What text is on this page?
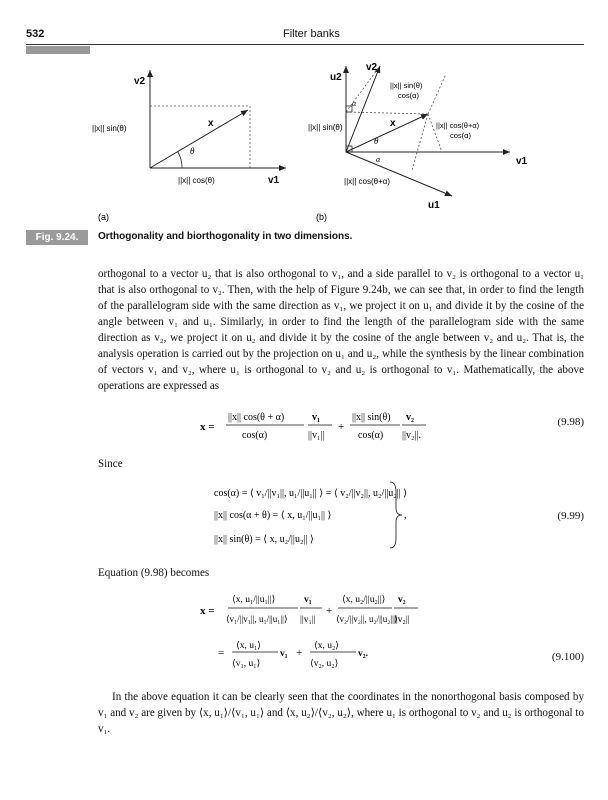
532	Filter banks
v2
v1
x
θ
||x|| sin(θ)
||x|| cos(θ)
(a)
α
α
θ
x
u2
v2
v1
u1
||x|| sin(θ)
||x|| cos(θ+α)
||x|| sin(θ)
cos(α)
||x|| cos(θ+α)
cos(α)
(b)
Fig. 9.24.	Orthogonality and biorthogonality in two dimensions.
orthogonal to a vector u₂ that is also orthogonal to v₁, and a side parallel to v₂ is orthogonal to a vector u₁ that is also orthogonal to v₂. Then, with the help of Figure 9.24b, we can see that, in order to find the length of the parallelogram side with the same direction as v₁, we project it on u₁ and divide it by the cosine of the angle between v₁ and u₁. Similarly, in order to find the length of the parallelogram side with the same direction as v₂, we project it on u₂ and divide it by the cosine of the angle between v₂ and u₂. That is, the analysis operation is carried out by the projection on u₁ and u₂, while the synthesis by the linear combination of vectors v₁ and v₂, where u₁ is orthogonal to v₂ and u₂ is orthogonal to v₁. Mathematically, the above operations are expressed as
x =
||x|| cos(θ + α)
cos(α)
v₁
||v₁||
+
||x|| sin(θ)
cos(α)
v₂
||v₂||.
(9.98)
Since
cos(α) = ⟨ v₁/||v₁||, u₁/||u₁|| ⟩ = ⟨ v₂/||v₂||, u₂/||u₂|| ⟩
||x|| cos(α + θ) = ⟨ x, u₁/||u₁|| ⟩
||x|| sin(θ) = ⟨ x, u₂/||u₂|| ⟩
,	(9.99)
Equation (9.98) becomes
x =
⟨x, u₁/||u₁||⟩
⟨v₁/||v₁||, u₁/||u₁||⟩
v₁
||v₁||
+
⟨x, u₂/||u₂||⟩
⟨v₂/||v₂||, u₂/||u₂||⟩
v₂
||v₂||
=
⟨x, u₁⟩
⟨v₁, u₁⟩
v₁ +
⟨x, u₂⟩
⟨v₂, u₂⟩
v₂.	(9.100)
In the above equation it can be clearly seen that the coordinates in the nonorthogonal basis composed by v₁ and v₂ are given by ⟨x, u₁⟩/⟨v₁, u₁⟩ and ⟨x, u₂⟩/⟨v₂, u₂⟩, where u₁ is orthogonal to v₂ and u₂ is orthogonal to v₁.
